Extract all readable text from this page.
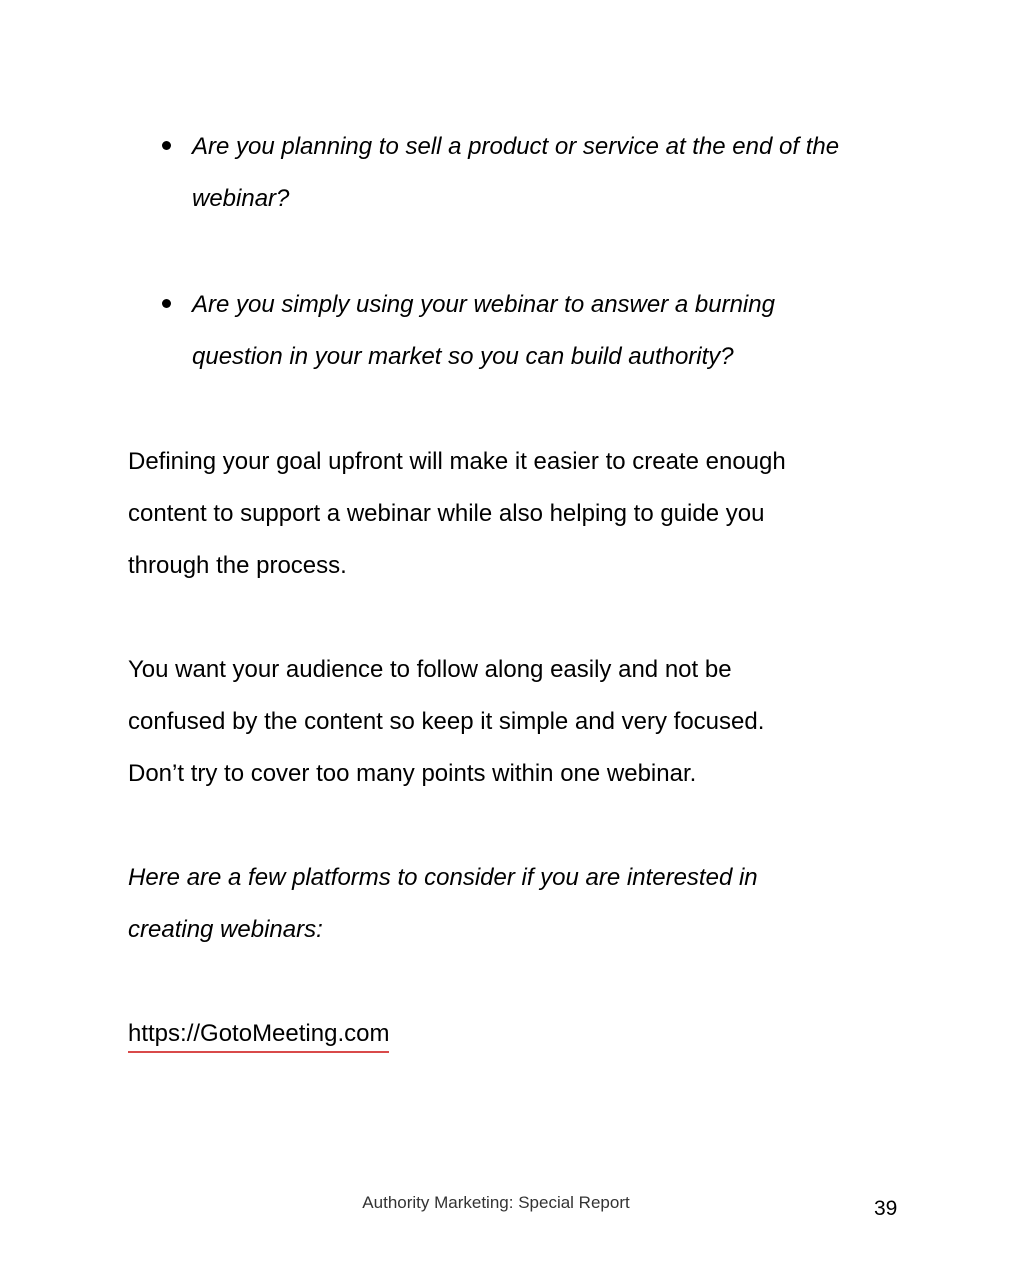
Are you planning to sell a product or service at the end of the

webinar?

Are you simply using your webinar to answer a burning

question in your market so you can build authority?

Defining your goal upfront will make it easier to create enough

content to support a webinar while also helping to guide you

through the process.

You want your audience to follow along easily and not be

confused by the content so keep it simple and very focused.

Don’t try to cover too many points within one webinar.

Here are a few platforms to consider if you are interested in

creating webinars:

https://GotoMeeting.com
Authority Marketing: Special Report	39
